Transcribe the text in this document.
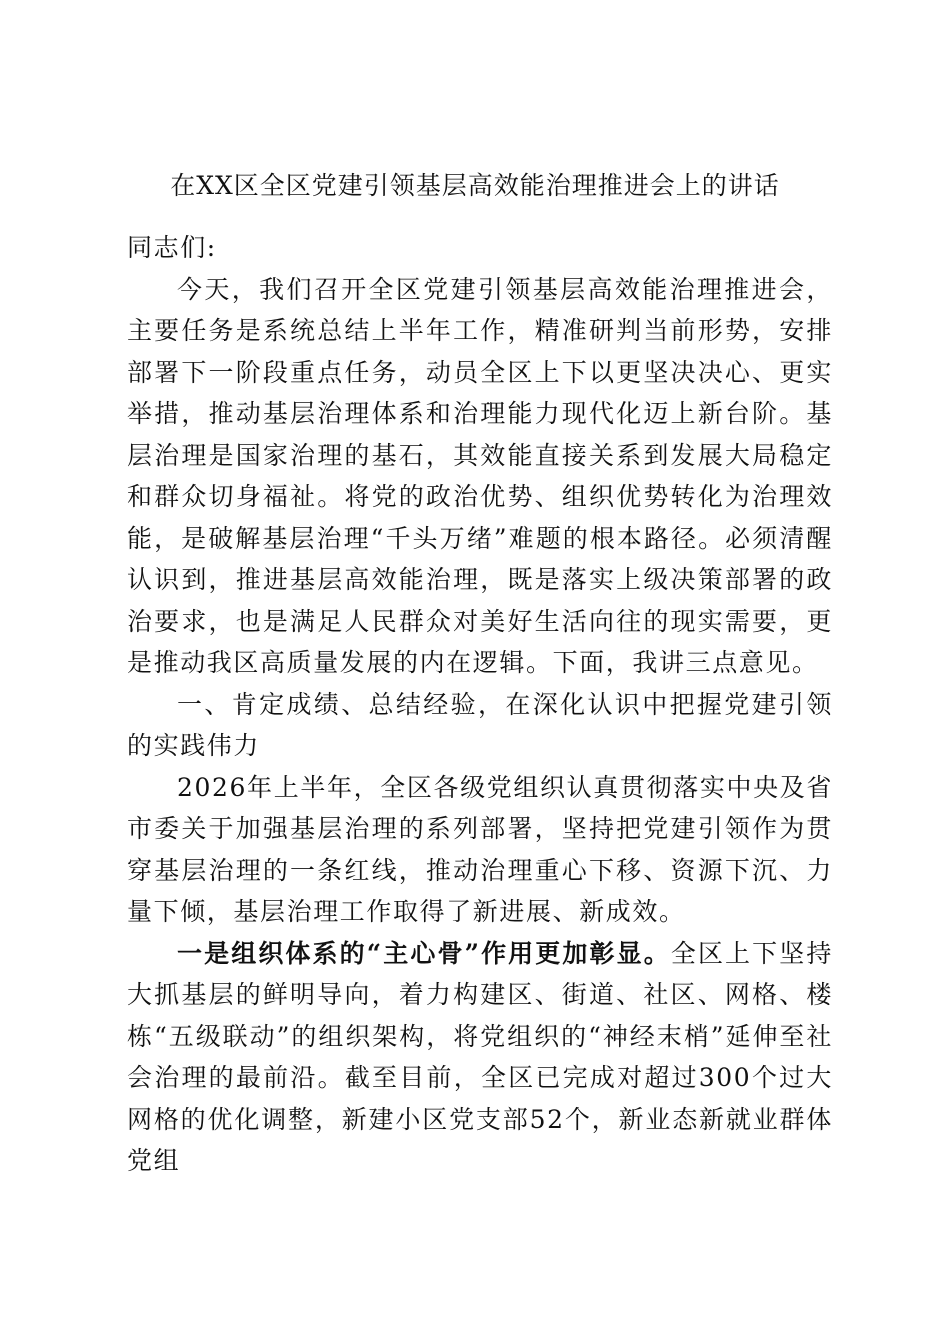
在XX区全区党建引领基层高效能治理推进会上的讲话

同志们:

今天，我们召开全区党建引领基层高效能治理推进会，主要任务是系统总结上半年工作，精准研判当前形势，安排部署下一阶段重点任务，动员全区上下以更坚决决心、更实举措，推动基层治理体系和治理能力现代化迈上新台阶。基层治理是国家治理的基石，其效能直接关系到发展大局稳定和群众切身福祉。将党的政治优势、组织优势转化为治理效能，是破解基层治理“千头万绪”难题的根本路径。必须清醒认识到，推进基层高效能治理，既是落实上级决策部署的政治要求，也是满足人民群众对美好生活向往的现实需要，更是推动我区高质量发展的内在逻辑。下面，我讲三点意见。

一、肯定成绩、总结经验，在深化认识中把握党建引领的实践伟力

2026年上半年，全区各级党组织认真贯彻落实中央及省市委关于加强基层治理的系列部署，坚持把党建引领作为贯穿基层治理的一条红线，推动治理重心下移、资源下沉、力量下倾，基层治理工作取得了新进展、新成效。

一是组织体系的“主心骨”作用更加彰显。全区上下坚持大抓基层的鲜明导向，着力构建区、街道、社区、网格、楼栋“五级联动”的组织架构，将党组织的“神经末梢”延伸至社会治理的最前沿。截至目前，全区已完成对超过300个过大网格的优化调整，新建小区党支部52个，新业态新就业群体党组
